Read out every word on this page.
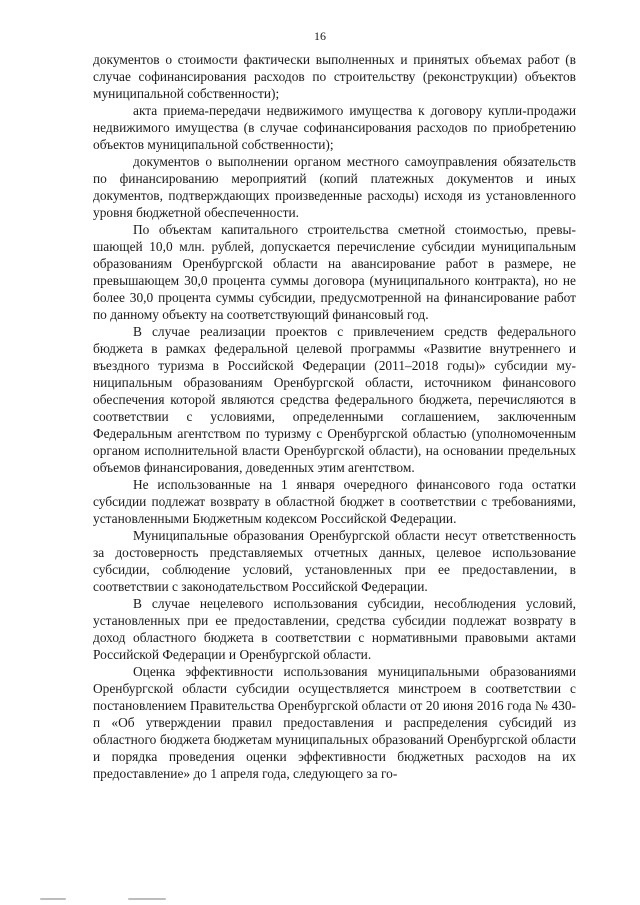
16

документов о стоимости фактически выполненных и принятых объемах работ (в случае софинансирования расходов по строительству (реконструкции) объектов муниципальной собственности);

акта приема-передачи недвижимого имущества к договору купли-продажи недвижимого имущества (в случае софинансирования расходов по приобретению объектов муниципальной собственности);

документов о выполнении органом местного самоуправления обязательств по финансированию мероприятий (копий платежных документов и иных документов, подтверждающих произведенные расходы) исходя из установленного уровня бюджетной обеспеченности.

По объектам капитального строительства сметной стоимостью, превышающей 10,0 млн. рублей, допускается перечисление субсидии муниципальным образованиям Оренбургской области на авансирование работ в размере, не превышающем 30,0 процента суммы договора (муниципального контракта), но не более 30,0 процента суммы субсидии, предусмотренной на финансирование работ по данному объекту на соответствующий финансовый год.

В случае реализации проектов с привлечением средств федерального бюджета в рамках федеральной целевой программы «Развитие внутреннего и въездного туризма в Российской Федерации (2011–2018 годы)» субсидии муниципальным образованиям Оренбургской области, источником финансового обеспечения которой являются средства федерального бюджета, перечисляются в соответствии с условиями, определенными соглашением, заключенным Федеральным агентством по туризму с Оренбургской областью (уполномоченным органом исполнительной власти Оренбургской области), на основании предельных объемов финансирования, доведенных этим агентством.

Не использованные на 1 января очередного финансового года остатки субсидии подлежат возврату в областной бюджет в соответствии с требованиями, установленными Бюджетным кодексом Российской Федерации.

Муниципальные образования Оренбургской области несут ответственность за достоверность представляемых отчетных данных, целевое использование субсидии, соблюдение условий, установленных при ее предоставлении, в соответствии с законодательством Российской Федерации.

В случае нецелевого использования субсидии, несоблюдения условий, установленных при ее предоставлении, средства субсидии подлежат возврату в доход областного бюджета в соответствии с нормативными правовыми актами Российской Федерации и Оренбургской области.

Оценка эффективности использования муниципальными образованиями Оренбургской области субсидии осуществляется минстроем в соответствии с постановлением Правительства Оренбургской области от 20 июня 2016 года № 430-п «Об утверждении правил предоставления и распределения субсидий из областного бюджета бюджетам муниципальных образований Оренбургской области и порядка проведения оценки эффективности бюджетных расходов на их предоставление» до 1 апреля года, следующего за го-
